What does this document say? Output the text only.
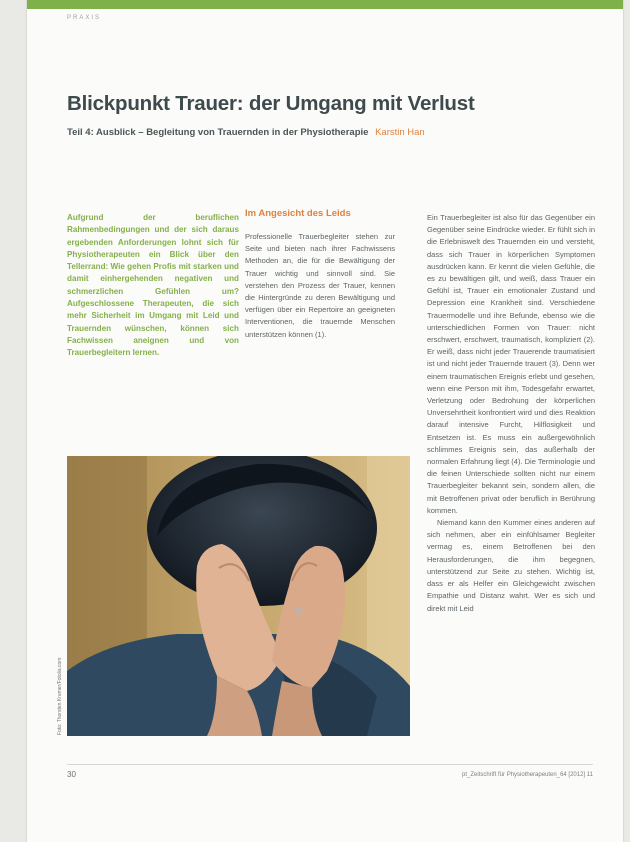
PRAXIS
Blickpunkt Trauer: der Umgang mit Verlust
Teil 4: Ausblick – Begleitung von Trauernden in der Physiotherapie Karstin Han
Aufgrund der beruflichen Rahmenbedingungen und der sich daraus ergebenden Anforderungen lohnt sich für Physiotherapeuten ein Blick über den Tellerrand: Wie gehen Profis mit starken und damit einhergehenden negativen und schmerzlichen Gefühlen um? Aufgeschlossene Therapeuten, die sich mehr Sicherheit im Umgang mit Leid und Trauernden wünschen, können sich Fachwissen aneignen und von Trauerbegleitern lernen.
Im Angesicht des Leids

Professionelle Trauerbegleiter stehen zur Seite und bieten nach ihrer Fachwissens Methoden an, die für die Bewältigung der Trauer wichtig und sinnvoll sind. Sie verstehen den Prozess der Trauer, kennen die Hintergründe zu deren Bewältigung und verfügen über ein Repertoire an geeigneten Interventionen, die trauernde Menschen unterstützen können (1).

Ein Trauerbegleiter ist also für das Gegenüber ein Gegenüber seine Eindrücke wieder. Er fühlt sich in die Erlebniswelt des Trauernden ein und versteht, dass sich Trauer in körperlichen Symptomen ausdrücken kann. Er kennt die vielen Gefühle, die es zu bewältigen gilt, und weiß, dass Trauer ein Gefühl ist, Trauer ein emotionaler Zustand und Depression eine Krankheit sind. Verschiedene Trauermodelle und ihre Befunde, ebenso wie die unterschiedlichen Formen von Trauer: nicht erschwert, erschwert, traumatisch, kompliziert (2). Er weiß, dass nicht jeder Trauerende traumatisiert ist und nicht jeder Trauernde trauert (3). Denn wer einem traumatischen Ereignis erlebt und gesehen, wenn eine Person mit ihm, Todesgefahr erwartet, Verletzung oder Bedrohung der körperlichen Unversehrtheit konfrontiert wird und dies Reaktion darauf intensive Furcht, Hilflosigkeit und Entsetzen ist. Es muss ein außergewöhnlich schlimmes Ereignis sein, das außerhalb der normalen Erfahrung liegt (4). Die Terminologie und die feinen Unterschiede sollten nicht nur einem Trauerbegleiter bekannt sein, sondern allen, die mit Betroffenen privat oder beruflich in Berührung kommen.

Niemand kann den Kummer eines anderen auf sich nehmen, aber ein einfühlsamer Begleiter vermag es, einem Betroffenen bei den Herausforderungen, die ihm begegnen, unterstützend zur Seite zu stehen. Wichtig ist, dass er als Helfer ein Gleichgewicht zwischen Empathie und Distanz wahrt. Wer es sich und direkt mit Leid

Foto: Thorsten Kramer/Fotolia.com
30	pt_Zeitschrift für Physiotherapeuten_64 [2012] 11
